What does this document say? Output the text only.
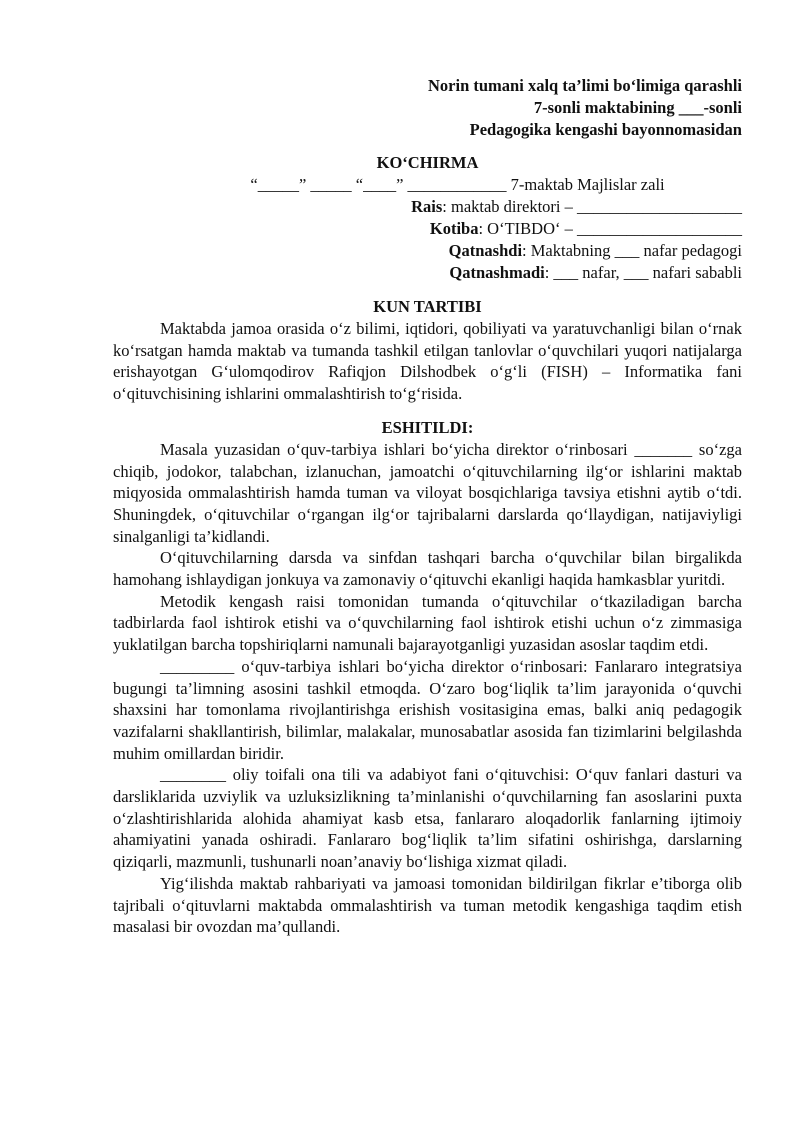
Norin tumani xalq ta’limi bo‘limiga qarashli
7-sonli maktabining ___-sonli
Pedagogika kengashi bayonnomasidan
KO‘CHIRMA
“_____” _____ “____” ____________ 7-maktab Majlislar zali
Rais: maktab direktori – ____________________
Kotiba: O‘TIBDO‘ – ____________________
Qatnashdi: Maktabning ___ nafar pedagogi
Qatnashmadi: ___ nafar, ___ nafari sababli
KUN TARTIBI

Maktabda jamoa orasida o‘z bilimi, iqtidori, qobiliyati va yaratuvchanligi bilan o‘rnak ko‘rsatgan hamda maktab va tumanda tashkil etilgan tanlovlar o‘quvchilari yuqori natijalarga erishayotgan G‘ulomqodirov Rafiqjon Dilshodbek o‘g‘li (FISH) – Informatika fani o‘qituvchisining ishlarini ommalashtirish to‘g‘risida.

ESHITILDI:

Masala yuzasidan o‘quv-tarbiya ishlari bo‘yicha direktor o‘rinbosari _______ so‘zga chiqib, jodokor, talabchan, izlanuchan, jamoatchi o‘qituvchilarning ilg‘or ishlarini maktab miqyosida ommalashtirish hamda tuman va viloyat bosqichlariga tavsiya etishni aytib o‘tdi. Shuningdek, o‘qituvchilar o‘rgangan ilg‘or tajribalarni darslarda qo‘llaydigan, natijaviyligi sinalganligi ta’kidlandi.

O‘qituvchilarning darsda va sinfdan tashqari barcha o‘quvchilar bilan birgalikda hamohang ishlaydigan jonkuya va zamonaviy o‘qituvchi ekanligi haqida hamkasblar yuritdi.

Metodik kengash raisi tomonidan tumanda o‘qituvchilar o‘tkaziladigan barcha tadbirlarda faol ishtirok etishi va o‘quvchilarning faol ishtirok etishi uchun o‘z zimmasiga yuklatilgan barcha topshiriqlarni namunali bajarayotganligi yuzasidan asoslar taqdim etdi.

_________ o‘quv-tarbiya ishlari bo‘yicha direktor o‘rinbosari: Fanlararo integratsiya bugungi ta’limning asosini tashkil etmoqda. O‘zaro bog‘liqlik ta’lim jarayonida o‘quvchi shaxsini har tomonlama rivojlantirishga erishish vositasigina emas, balki aniq pedagogik vazifalarni shakllantirish, bilimlar, malakalar, munosabatlar asosida fan tizimlarini belgilashda muhim omillardan biridir.

________ oliy toifali ona tili va adabiyot fani o‘qituvchisi: O‘quv fanlari dasturi va darsliklarida uzviylik va uzluksizlikning ta’minlanishi o‘quvchilarning fan asoslarini puxta o‘zlashtirishlarida alohida ahamiyat kasb etsa, fanlararo aloqadorlik fanlarning ijtimoiy ahamiyatini yanada oshiradi. Fanlararo bog‘liqlik ta’lim sifatini oshirishga, darslarning qiziqarli, mazmunli, tushunarli noan’anaviy bo‘lishiga xizmat qiladi.

Yig‘ilishda maktab rahbariyati va jamoasi tomonidan bildirilgan fikrlar e’tiborga olib tajribali o‘qituvlarni maktabda ommalashtirish va tuman metodik kengashiga taqdim etish masalasi bir ovozdan ma’qullandi.
